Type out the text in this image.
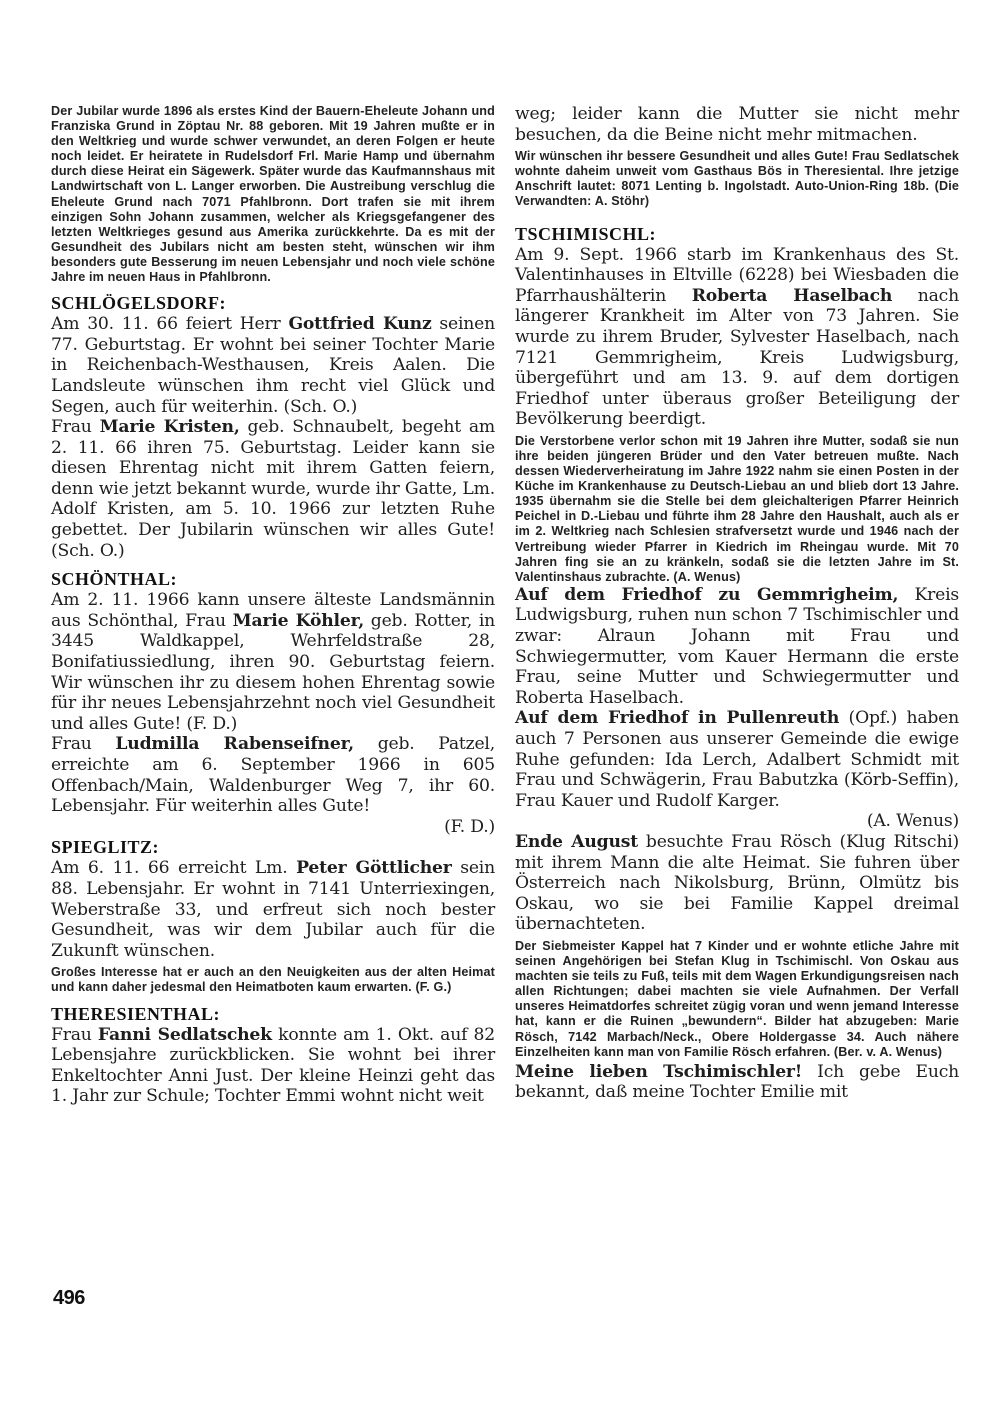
Der Jubilar wurde 1896 als erstes Kind der Bauern-Eheleute Johann und Franziska Grund in Zöptau Nr. 88 geboren. Mit 19 Jahren mußte er in den Weltkrieg und wurde schwer verwundet, an deren Folgen er heute noch leidet. Er heiratete in Rudelsdorf Frl. Marie Hamp und übernahm durch diese Heirat ein Sägewerk. Später wurde das Kaufmannshaus mit Landwirtschaft von L. Langer erworben. Die Austreibung verschlug die Eheleute Grund nach 7071 Pfahlbronn. Dort trafen sie mit ihrem einzigen Sohn Johann zusammen, welcher als Kriegsgefangener des letzten Weltkrieges gesund aus Amerika zurückkehrte. Da es mit der Gesundheit des Jubilars nicht am besten steht, wünschen wir ihm besonders gute Besserung im neuen Lebensjahr und noch viele schöne Jahre im neuen Haus in Pfahlbronn.

SCHLÖGELSDORF:

Am 30. 11. 66 feiert Herr Gottfried Kunz seinen 77. Geburtstag. Er wohnt bei seiner Tochter Marie in Reichenbach-Westhausen, Kreis Aalen. Die Landsleute wünschen ihm recht viel Glück und Segen, auch für weiterhin. (Sch. O.)

Frau Marie Kristen, geb. Schnaubelt, begeht am 2. 11. 66 ihren 75. Geburtstag. Leider kann sie diesen Ehrentag nicht mit ihrem Gatten feiern, denn wie jetzt bekannt wurde, wurde ihr Gatte, Lm. Adolf Kristen, am 5. 10. 1966 zur letzten Ruhe gebettet. Der Jubilarin wünschen wir alles Gute! (Sch. O.)

SCHÖNTHAL:

Am 2. 11. 1966 kann unsere älteste Landsmännin aus Schönthal, Frau Marie Köhler, geb. Rotter, in 3445 Waldkappel, Wehrfeldstraße 28, Bonifatiussiedlung, ihren 90. Geburtstag feiern. Wir wünschen ihr zu diesem hohen Ehrentag sowie für ihr neues Lebensjahrzehnt noch viel Gesundheit und alles Gute! (F. D.)

Frau Ludmilla Rabenseifner, geb. Patzel, erreichte am 6. September 1966 in 605 Offenbach/Main, Waldenburger Weg 7, ihr 60. Lebensjahr. Für weiterhin alles Gute!

(F. D.)

SPIEGLITZ:

Am 6. 11. 66 erreicht Lm. Peter Göttlicher sein 88. Lebensjahr. Er wohnt in 7141 Unterriexingen, Weberstraße 33, und erfreut sich noch bester Gesundheit, was wir dem Jubilar auch für die Zukunft wünschen.

Großes Interesse hat er auch an den Neuigkeiten aus der alten Heimat und kann daher jedesmal den Heimatboten kaum erwarten. (F. G.)

THERESIENTHAL:

Frau Fanni Sedlatschek konnte am 1. Okt. auf 82 Lebensjahre zurückblicken. Sie wohnt bei ihrer Enkeltochter Anni Just. Der kleine Heinzi geht das 1. Jahr zur Schule; Tochter Emmi wohnt nicht weit

weg; leider kann die Mutter sie nicht mehr besuchen, da die Beine nicht mehr mitmachen.

Wir wünschen ihr bessere Gesundheit und alles Gute! Frau Sedlatschek wohnte daheim unweit vom Gasthaus Bös in Theresiental. Ihre jetzige Anschrift lautet: 8071 Lenting b. Ingolstadt. Auto-Union-Ring 18b. (Die Verwandten: A. Stöhr)

TSCHIMISCHL:

Am 9. Sept. 1966 starb im Krankenhaus des St. Valentinhauses in Eltville (6228) bei Wiesbaden die Pfarrhaushälterin Roberta Haselbach nach längerer Krankheit im Alter von 73 Jahren. Sie wurde zu ihrem Bruder, Sylvester Haselbach, nach 7121 Gemmrigheim, Kreis Ludwigsburg, übergeführt und am 13. 9. auf dem dortigen Friedhof unter überaus großer Beteiligung der Bevölkerung beerdigt.

Die Verstorbene verlor schon mit 19 Jahren ihre Mutter, sodaß sie nun ihre beiden jüngeren Brüder und den Vater betreuen mußte. Nach dessen Wiederverheiratung im Jahre 1922 nahm sie einen Posten in der Küche im Krankenhause zu Deutsch-Liebau an und blieb dort 13 Jahre. 1935 übernahm sie die Stelle bei dem gleichalterigen Pfarrer Heinrich Peichel in D.-Liebau und führte ihm 28 Jahre den Haushalt, auch als er im 2. Weltkrieg nach Schlesien strafversetzt wurde und 1946 nach der Vertreibung wieder Pfarrer in Kiedrich im Rheingau wurde. Mit 70 Jahren fing sie an zu kränkeln, sodaß sie die letzten Jahre im St. Valentinshaus zubrachte. (A. Wenus)

Auf dem Friedhof zu Gemmrigheim, Kreis Ludwigsburg, ruhen nun schon 7 Tschimischler und zwar: Alraun Johann mit Frau und Schwiegermutter, vom Kauer Hermann die erste Frau, seine Mutter und Schwiegermutter und Roberta Haselbach.

Auf dem Friedhof in Pullenreuth (Opf.) haben auch 7 Personen aus unserer Gemeinde die ewige Ruhe gefunden: Ida Lerch, Adalbert Schmidt mit Frau und Schwägerin, Frau Babutzka (Körb-Seffin), Frau Kauer und Rudolf Karger.

(A. Wenus)

Ende August besuchte Frau Rösch (Klug Ritschi) mit ihrem Mann die alte Heimat. Sie fuhren über Österreich nach Nikolsburg, Brünn, Olmütz bis Oskau, wo sie bei Familie Kappel dreimal übernachteten.

Der Siebmeister Kappel hat 7 Kinder und er wohnte etliche Jahre mit seinen Angehörigen bei Stefan Klug in Tschimischl. Von Oskau aus machten sie teils zu Fuß, teils mit dem Wagen Erkundigungsreisen nach allen Richtungen; dabei machten sie viele Aufnahmen. Der Verfall unseres Heimatdorfes schreitet zügig voran und wenn jemand Interesse hat, kann er die Ruinen „bewundern“. Bilder hat abzugeben: Marie Rösch, 7142 Marbach/Neck., Obere Holdergasse 34. Auch nähere Einzelheiten kann man von Familie Rösch erfahren. (Ber. v. A. Wenus)

Meine lieben Tschimischler! Ich gebe Euch bekannt, daß meine Tochter Emilie mit

496
